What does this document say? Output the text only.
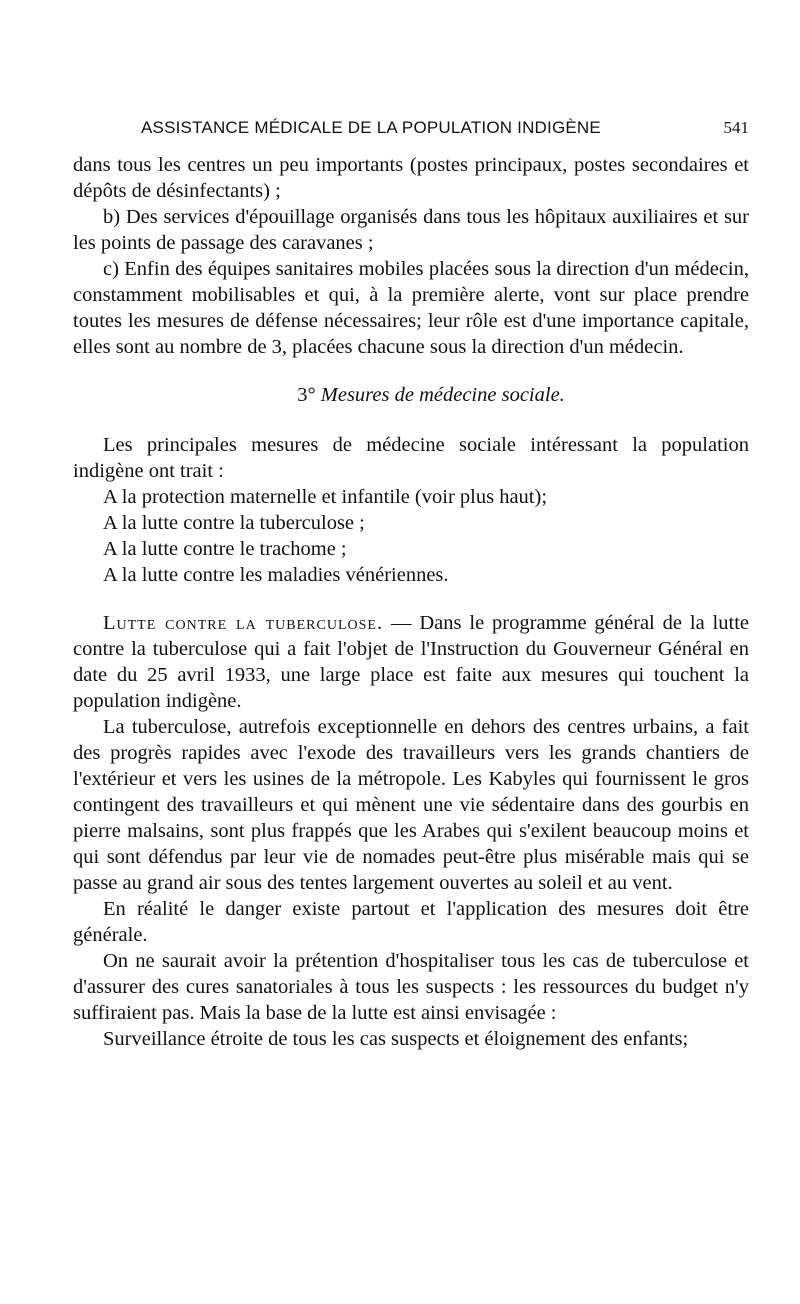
ASSISTANCE MÉDICALE DE LA POPULATION INDIGÈNE	541

dans tous les centres un peu importants (postes principaux, postes secondaires et dépôts de désinfectants) ;

b) Des services d'épouillage organisés dans tous les hôpitaux auxiliaires et sur les points de passage des caravanes ;

c) Enfin des équipes sanitaires mobiles placées sous la direction d'un médecin, constamment mobilisables et qui, à la première alerte, vont sur place prendre toutes les mesures de défense nécessaires; leur rôle est d'une importance capitale, elles sont au nombre de 3, placées chacune sous la direction d'un médecin.

3° Mesures de médecine sociale.

Les principales mesures de médecine sociale intéressant la population indigène ont trait :

A la protection maternelle et infantile (voir plus haut);

A la lutte contre la tuberculose ;

A la lutte contre le trachome ;

A la lutte contre les maladies vénériennes.

Lutte contre la tuberculose. — Dans le programme général de la lutte contre la tuberculose qui a fait l'objet de l'Instruction du Gouverneur Général en date du 25 avril 1933, une large place est faite aux mesures qui touchent la population indigène.

La tuberculose, autrefois exceptionnelle en dehors des centres urbains, a fait des progrès rapides avec l'exode des travailleurs vers les grands chantiers de l'extérieur et vers les usines de la métropole. Les Kabyles qui fournissent le gros contingent des travailleurs et qui mènent une vie sédentaire dans des gourbis en pierre malsains, sont plus frappés que les Arabes qui s'exilent beaucoup moins et qui sont défendus par leur vie de nomades peut-être plus misérable mais qui se passe au grand air sous des tentes largement ouvertes au soleil et au vent.

En réalité le danger existe partout et l'application des mesures doit être générale.

On ne saurait avoir la prétention d'hospitaliser tous les cas de tuberculose et d'assurer des cures sanatoriales à tous les suspects : les ressources du budget n'y suffiraient pas. Mais la base de la lutte est ainsi envisagée :

Surveillance étroite de tous les cas suspects et éloignement des enfants;
